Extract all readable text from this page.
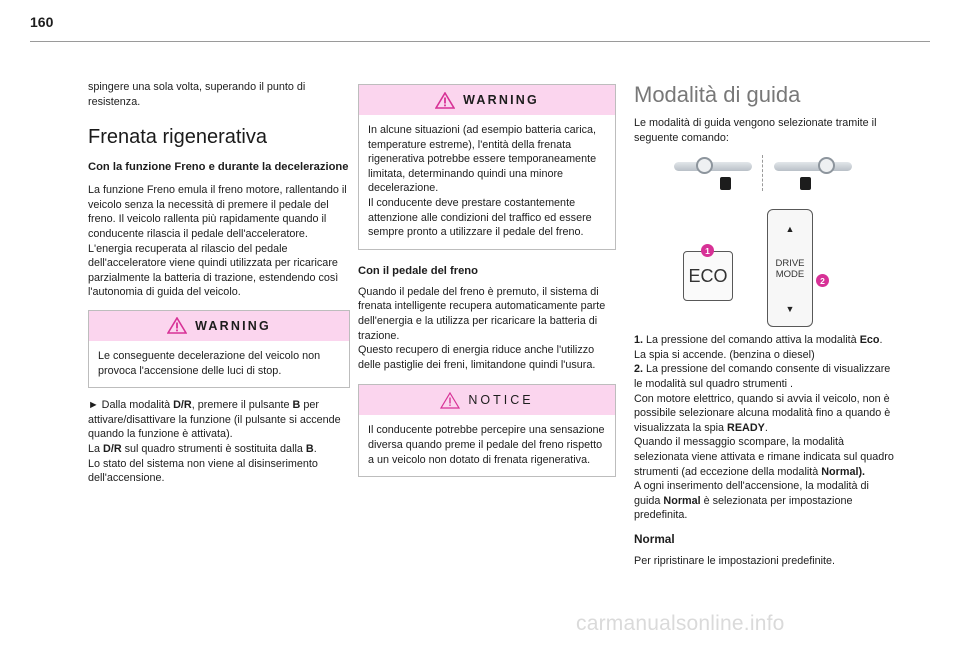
160

spingere una sola volta, superando il punto di resistenza.

Frenata rigenerativa
Con la funzione Freno e durante la decelerazione

La funzione Freno emula il freno motore, rallentando il veicolo senza la necessità di premere il pedale del freno. Il veicolo rallenta più rapidamente quando il conducente rilascia il pedale dell'acceleratore.

L'energia recuperata al rilascio del pedale dell'acceleratore viene quindi utilizzata per ricaricare parzialmente la batteria di trazione, estendendo così l'autonomia di guida del veicolo.

WARNING

Le conseguente decelerazione del veicolo non provoca l'accensione delle luci di stop.

► Dalla modalità D/R, premere il pulsante B per attivare/disattivare la funzione (il pulsante si accende quando la funzione è attivata).

La D/R sul quadro strumenti è sostituita dalla B.

Lo stato del sistema non viene al disinserimento dell'accensione.

WARNING

In alcune situazioni (ad esempio batteria carica, temperature estreme), l'entità della frenata rigenerativa potrebbe essere temporaneamente limitata, determinando quindi una minore decelerazione.

Il conducente deve prestare costantemente attenzione alle condizioni del traffico ed essere sempre pronto a utilizzare il pedale del freno.

Con il pedale del freno

Quando il pedale del freno è premuto, il sistema di frenata intelligente recupera automaticamente parte dell'energia e la utilizza per ricaricare la batteria di trazione.

Questo recupero di energia riduce anche l'utilizzo delle pastiglie dei freni, limitandone quindi l'usura.

NOTICE

Il conducente potrebbe percepire una sensazione diversa quando preme il pedale del freno rispetto a un veicolo non dotato di frenata rigenerativa.

Modalità di guida

Le modalità di guida vengono selezionate tramite il seguente comando:

ECO
1
▲
DRIVE
MODE
▼
2

1. La pressione del comando attiva la modalità Eco. La spia si accende. (benzina o diesel)

2. La pressione del comando consente di visualizzare le modalità sul quadro strumenti .

Con motore elettrico, quando si avvia il veicolo, non è possibile selezionare alcuna modalità fino a quando è visualizzata la spia READY.

Quando il messaggio scompare, la modalità selezionata viene attivata e rimane indicata sul quadro strumenti (ad eccezione della modalità Normal).

A ogni inserimento dell'accensione, la modalità di guida Normal è selezionata per impostazione predefinita.

Normal

Per ripristinare le impostazioni predefinite.

carmanualsonline.info
